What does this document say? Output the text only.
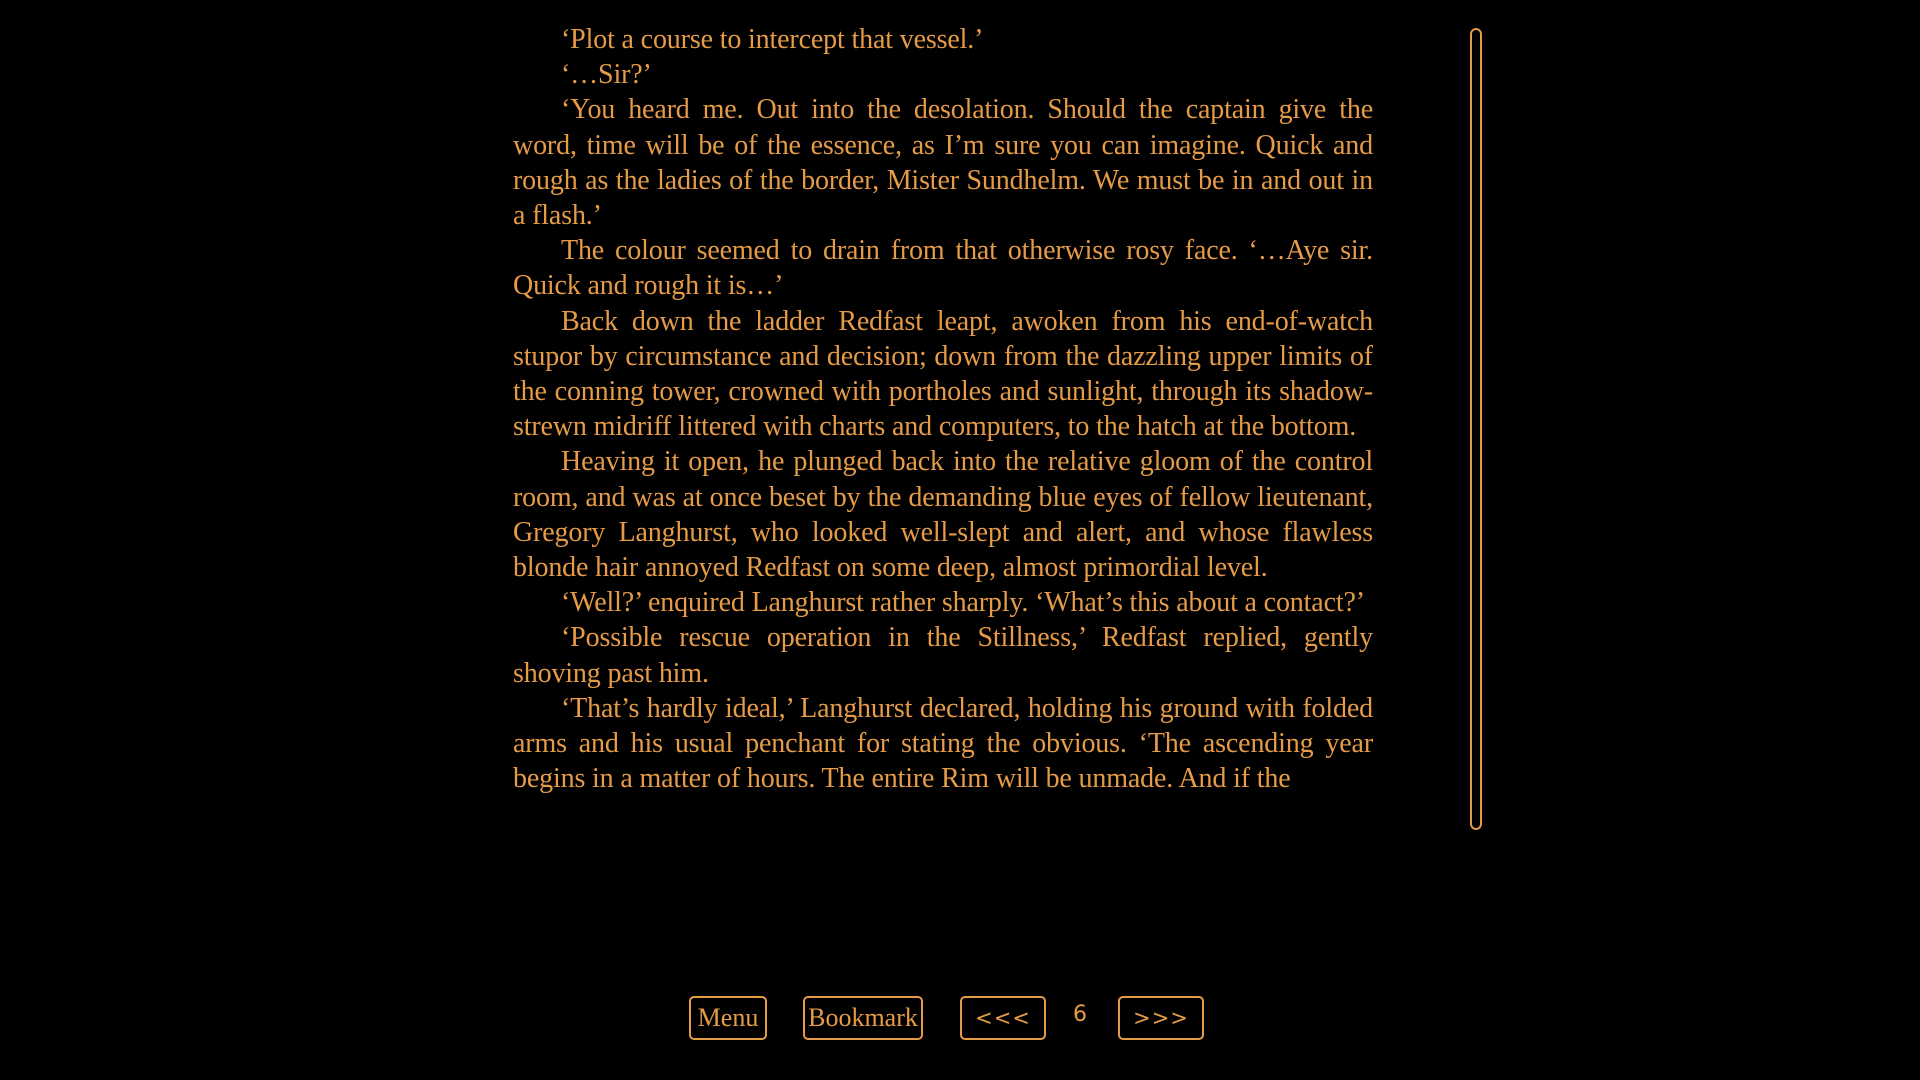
‘Plot a course to intercept that vessel.’

‘…Sir?’

‘You heard me. Out into the desolation. Should the captain give the word, time will be of the essence, as I’m sure you can imagine. Quick and rough as the ladies of the border, Mister Sundhelm. We must be in and out in a flash.’

The colour seemed to drain from that otherwise rosy face. ‘…Aye sir. Quick and rough it is…’

Back down the ladder Redfast leapt, awoken from his end-of-watch stupor by circumstance and decision; down from the dazzling upper limits of the conning tower, crowned with portholes and sunlight, through its shadow-strewn midriff littered with charts and computers, to the hatch at the bottom.

Heaving it open, he plunged back into the relative gloom of the control room, and was at once beset by the demanding blue eyes of fellow lieutenant, Gregory Langhurst, who looked well-slept and alert, and whose flawless blonde hair annoyed Redfast on some deep, almost primordial level.

‘Well?’ enquired Langhurst rather sharply. ‘What’s this about a contact?’

‘Possible rescue operation in the Stillness,’ Redfast replied, gently shoving past him.

‘That’s hardly ideal,’ Langhurst declared, holding his ground with folded arms and his usual penchant for stating the obvious. ‘The ascending year begins in a matter of hours. The entire Rim will be unmade. And if the

Menu	Bookmark	<<<	6	>>>
